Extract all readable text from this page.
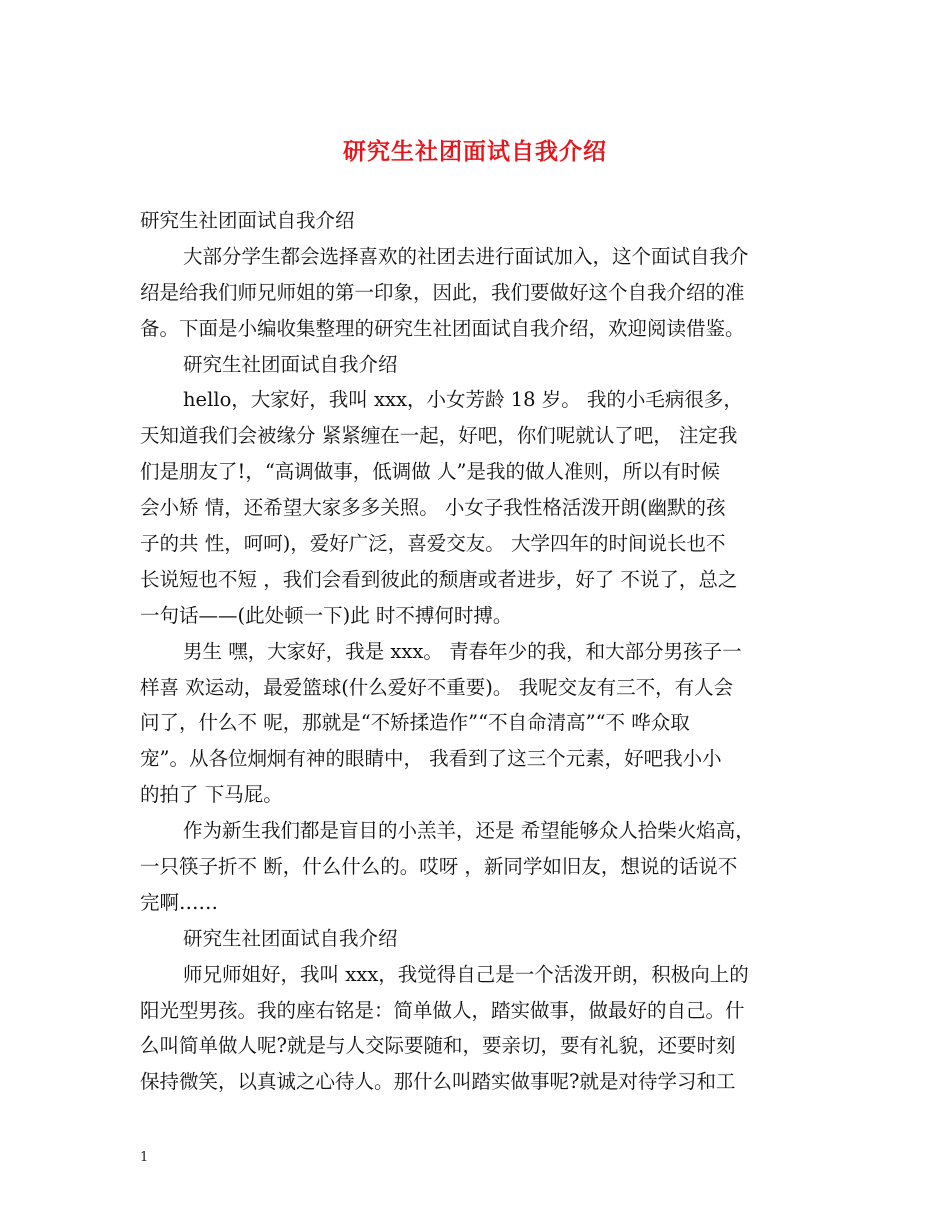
研究生社团面试自我介绍
研究生社团面试自我介绍
大部分学生都会选择喜欢的社团去进行面试加入，这个面试自我介
绍是给我们师兄师姐的第一印象，因此，我们要做好这个自我介绍的准
备。下面是小编收集整理的研究生社团面试自我介绍，欢迎阅读借鉴。
研究生社团面试自我介绍
hello，大家好，我叫 xxx，小女芳龄 18 岁。 我的小毛病很多，
天知道我们会被缘分 紧紧缠在一起，好吧，你们呢就认了吧， 注定我
们是朋友了!，“高调做事，低调做 人”是我的做人准则，所以有时候
会小矫 情，还希望大家多多关照。 小女子我性格活泼开朗(幽默的孩
子的共 性，呵呵)，爱好广泛，喜爱交友。 大学四年的时间说长也不
长说短也不短 ，我们会看到彼此的颓唐或者进步，好了 不说了，总之
一句话——(此处顿一下)此 时不搏何时搏。
男生 嘿，大家好，我是 xxx。 青春年少的我，和大部分男孩子一
样喜 欢运动，最爱篮球(什么爱好不重要)。 我呢交友有三不，有人会
问了，什么不 呢，那就是“不矫揉造作”“不自命清高”“不 哗众取
宠”。从各位炯炯有神的眼睛中， 我看到了这三个元素，好吧我小小
的拍了 下马屁。
作为新生我们都是盲目的小羔羊，还是 希望能够众人拾柴火焰高，
一只筷子折不 断，什么什么的。哎呀 ，新同学如旧友，想说的话说不
完啊……
研究生社团面试自我介绍
师兄师姐好，我叫 xxx，我觉得自己是一个活泼开朗，积极向上的
阳光型男孩。我的座右铭是：简单做人，踏实做事，做最好的自己。什
么叫简单做人呢?就是与人交际要随和，要亲切，要有礼貌，还要时刻
保持微笑，以真诚之心待人。那什么叫踏实做事呢?就是对待学习和工
1
